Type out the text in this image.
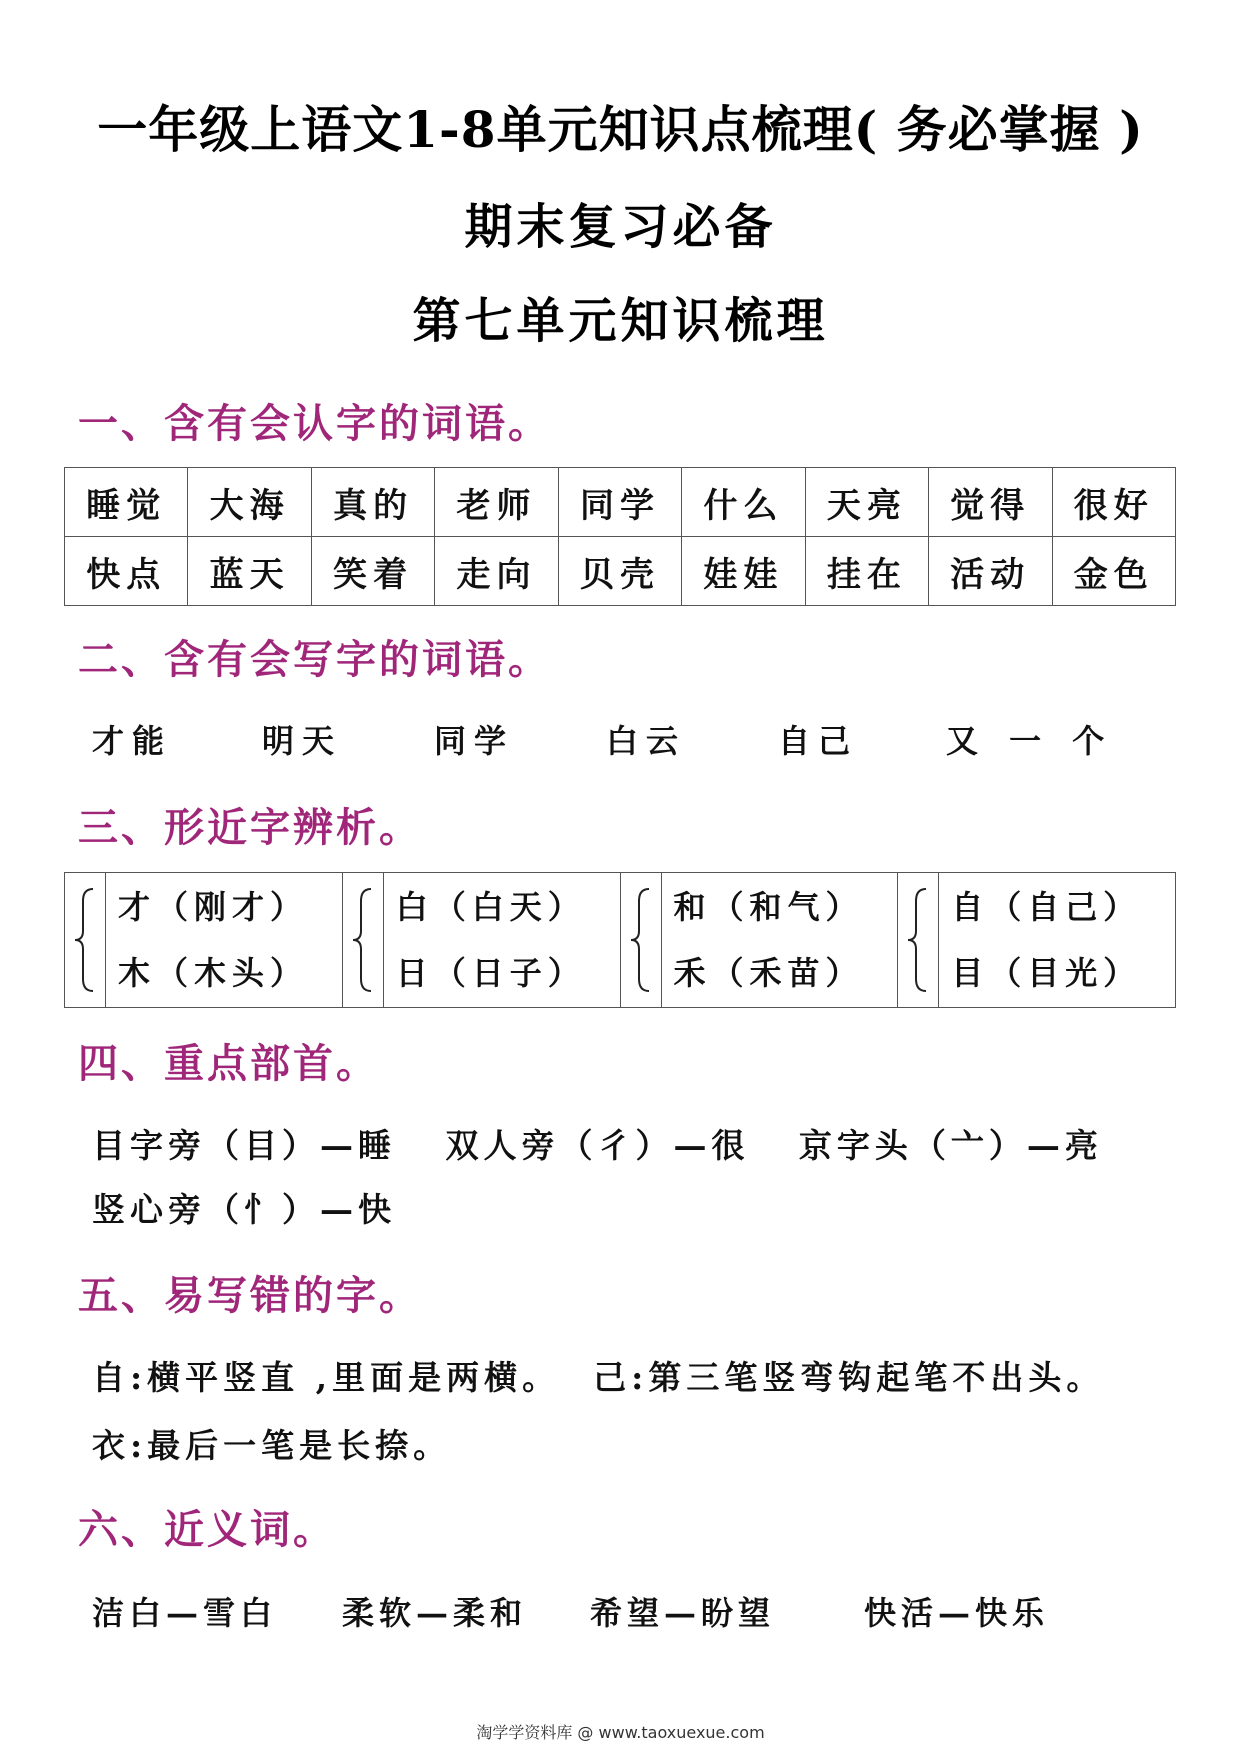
一年级上语文1-8单元知识点梳理( 务必掌握 )
期末复习必备
第七单元知识梳理
一、含有会认字的词语。
睡觉	大海	真的	老师	同学	什么	天亮	觉得	很好
快点	蓝天	笑着	走向	贝壳	娃娃	挂在	活动	金色
二、含有会写字的词语。
才能	明天	同学	白云	自己	又 一 个
三、形近字辨析。

才（刚才）
木（木头）

白（白天）
日（日子）

和（和气）
禾（禾苗）

自（自己）
目（目光）
四、重点部首。
目字旁（目）—睡   双人旁（彳）—很   京字头（亠）—亮
竖心旁（忄）—快
五、易写错的字。
自:横平竖直 ,里面是两横。  己:第三笔竖弯钩起笔不出头。
衣:最后一笔是长捺。
六、近义词。
洁白—雪白 柔软—柔和 希望—盼望	快活—快乐
淘学学资料库 @ www.taoxuexue.com
